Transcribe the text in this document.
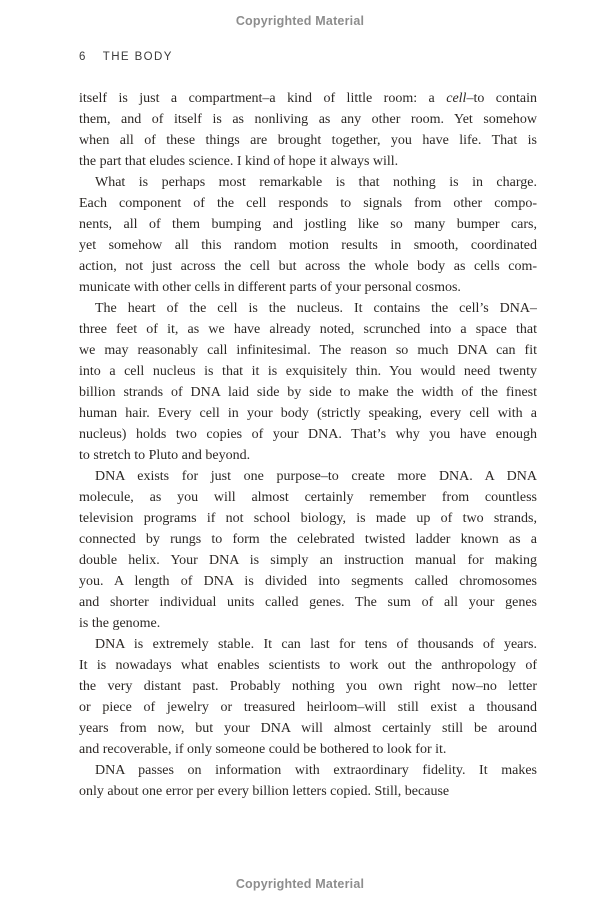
Copyrighted Material
6 THE BODY
itself is just a compartment–a kind of little room: a cell–to contain
them, and of itself is as nonliving as any other room. Yet somehow
when all of these things are brought together, you have life. That is
the part that eludes science. I kind of hope it always will.
What is perhaps most remarkable is that nothing is in charge.
Each component of the cell responds to signals from other compo-
nents, all of them bumping and jostling like so many bumper cars,
yet somehow all this random motion results in smooth, coordinated
action, not just across the cell but across the whole body as cells com-
municate with other cells in different parts of your personal cosmos.
The heart of the cell is the nucleus. It contains the cell’s DNA–
three feet of it, as we have already noted, scrunched into a space that
we may reasonably call infinitesimal. The reason so much DNA can fit
into a cell nucleus is that it is exquisitely thin. You would need twenty
billion strands of DNA laid side by side to make the width of the finest
human hair. Every cell in your body (strictly speaking, every cell with a
nucleus) holds two copies of your DNA. That’s why you have enough
to stretch to Pluto and beyond.
DNA exists for just one purpose–to create more DNA. A DNA
molecule, as you will almost certainly remember from countless
television programs if not school biology, is made up of two strands,
connected by rungs to form the celebrated twisted ladder known as a
double helix. Your DNA is simply an instruction manual for making
you. A length of DNA is divided into segments called chromosomes
and shorter individual units called genes. The sum of all your genes
is the genome.
DNA is extremely stable. It can last for tens of thousands of years.
It is nowadays what enables scientists to work out the anthropology of
the very distant past. Probably nothing you own right now–no letter
or piece of jewelry or treasured heirloom–will still exist a thousand
years from now, but your DNA will almost certainly still be around
and recoverable, if only someone could be bothered to look for it.
DNA passes on information with extraordinary fidelity. It makes
only about one error per every billion letters copied. Still, because
Copyrighted Material
